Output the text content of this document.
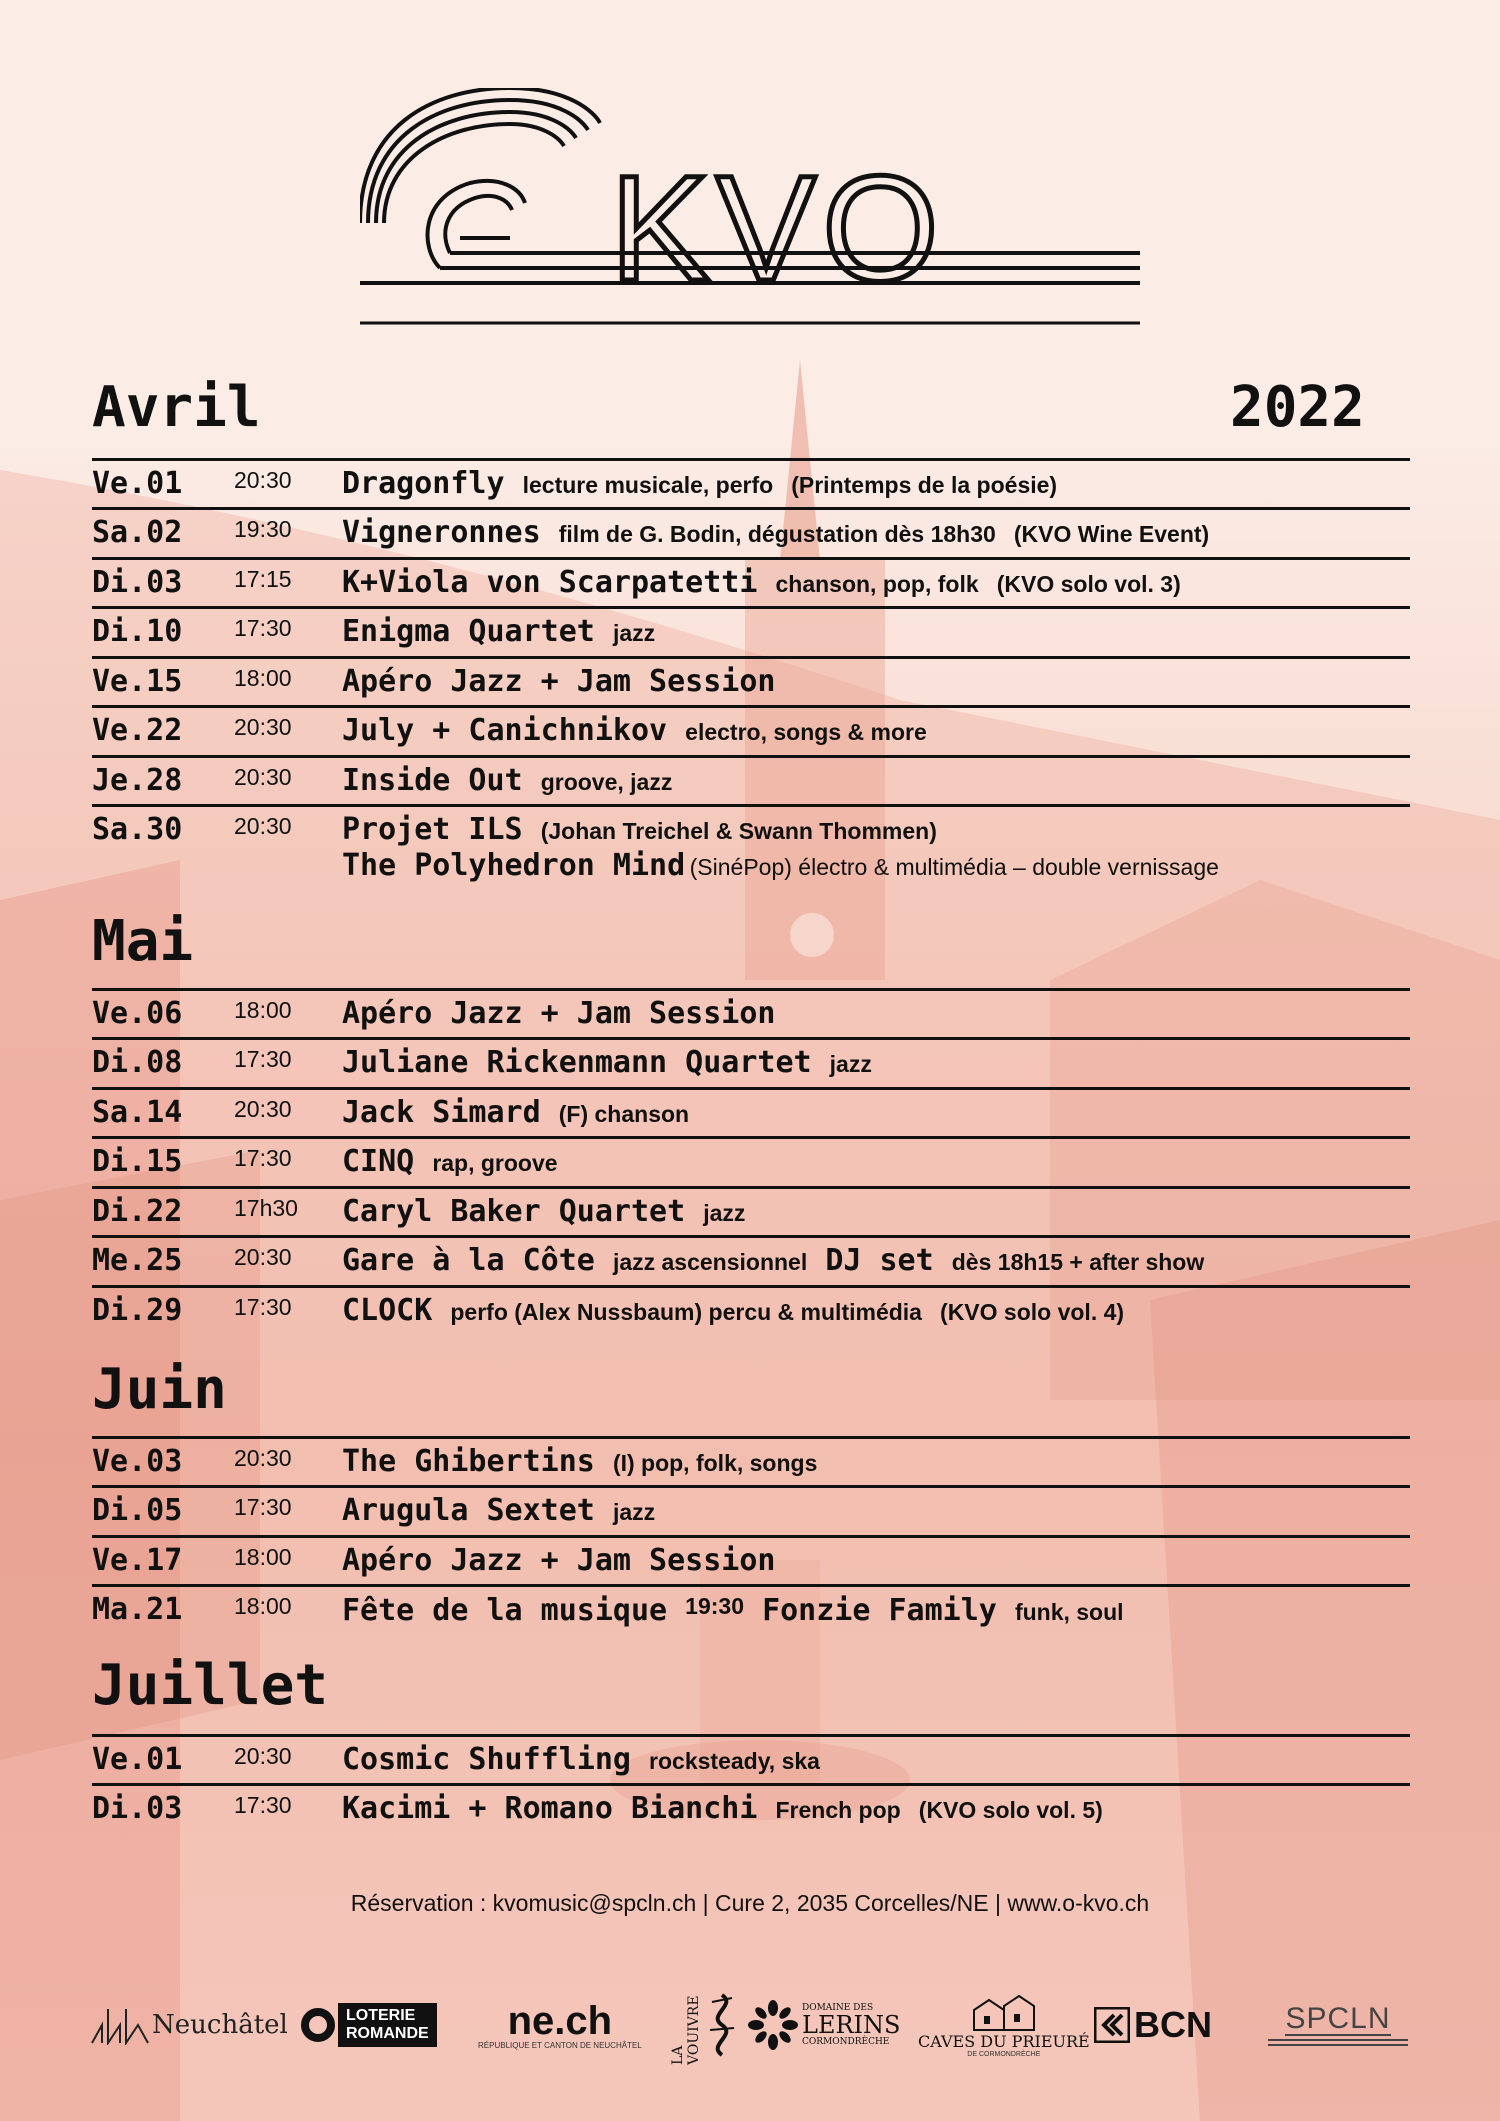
KVO
Avril	2022
Ve.01 20:30 Dragonfly lecture musicale, perfo (Printemps de la poésie)
Sa.02 19:30 Vigneronnes film de G. Bodin, dégustation dès 18h30 (KVO Wine Event)
Di.03 17:15 K+Viola von Scarpatetti chanson, pop, folk (KVO solo vol. 3)
Di.10 17:30 Enigma Quartet jazz
Ve.15 18:00 Apéro Jazz + Jam Session
Ve.22 20:30 July + Canichnikov electro, songs & more
Je.28 20:30 Inside Out groove, jazz
Sa.30 20:30 Projet ILS (Johan Treichel & Swann Thommen)
The Polyhedron Mind (SinéPop) électro & multimédia – double vernissage
Mai
Ve.06 18:00 Apéro Jazz + Jam Session
Di.08 17:30 Juliane Rickenmann Quartet jazz
Sa.14 20:30 Jack Simard (F) chanson
Di.15 17:30 CINQ rap, groove
Di.22 17h30 Caryl Baker Quartet jazz
Me.25 20:30 Gare à la Côte jazz ascensionnel DJ set dès 18h15 + after show
Di.29 17:30 CLOCK perfo (Alex Nussbaum) percu & multimédia (KVO solo vol. 4)
Juin
Ve.03 20:30 The Ghibertins (I) pop, folk, songs
Di.05 17:30 Arugula Sextet jazz
Ve.17 18:00 Apéro Jazz + Jam Session
Ma.21 18:00 Fête de la musique $^{19:30}$ Fonzie Family funk, soul
Juillet
Ve.01 20:30 Cosmic Shuffling rocksteady, ska
Di.03 17:30 Kacimi + Romano Bianchi French pop (KVO solo vol. 5)
Réservation : kvomusic@spcln.ch | Cure 2, 2035 Corcelles/NE | www.o-kvo.ch
Neuchâtel	LOTERIE
ROMANDE ne.ch
RÉPUBLIQUE ET CANTON DE NEUCHÂTEL
LA VOUIVRE	DOMAINE DES
LERINS
CORMONDRÈCHE	CAVES DU PRIEURÉ
DE CORMONDRÈCHE
BCN SPCLN
